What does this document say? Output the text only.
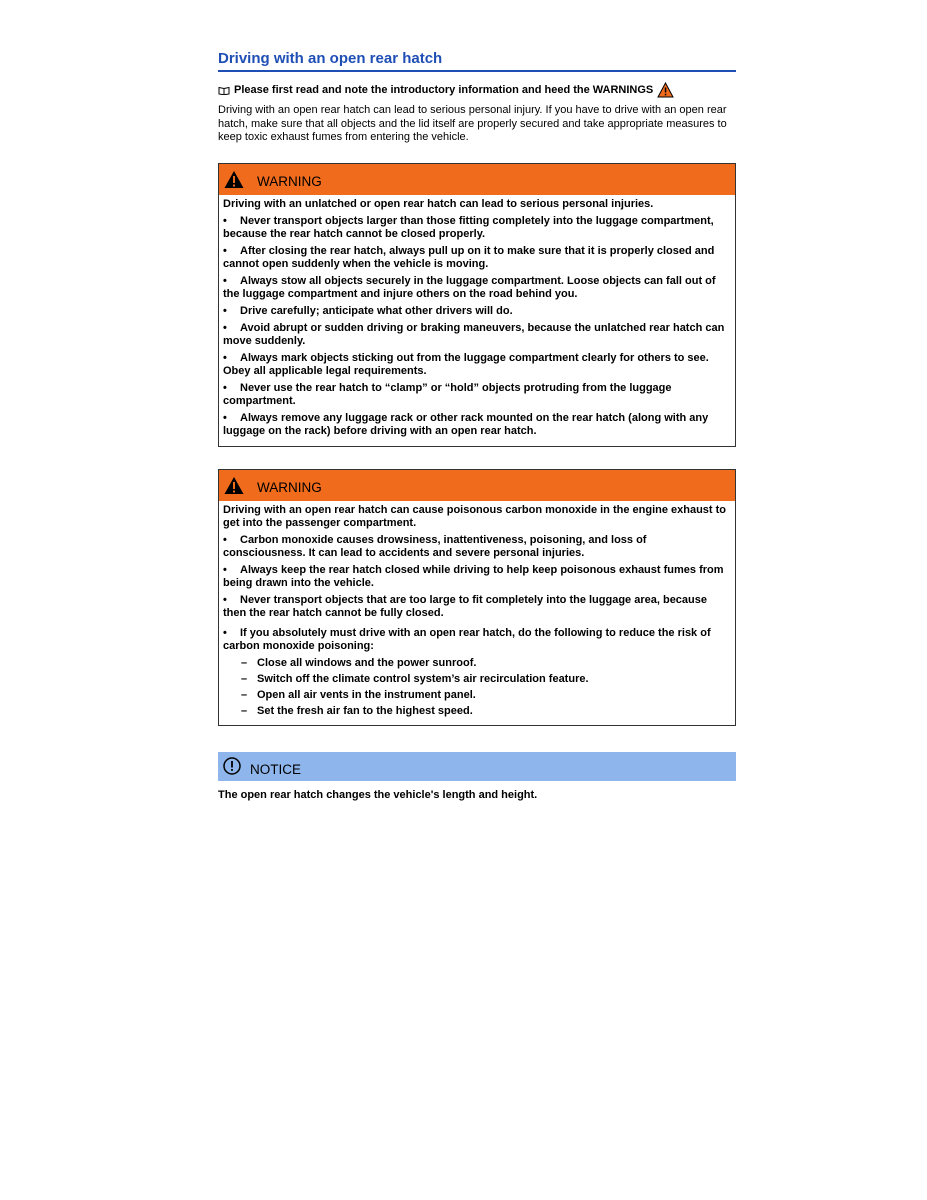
Driving with an open rear hatch
Please first read and note the introductory information and heed the WARNINGS
Driving with an open rear hatch can lead to serious personal injury. If you have to drive with an open rear hatch, make sure that all objects and the lid itself are properly secured and take appropriate measures to keep toxic exhaust fumes from entering the vehicle.
WARNING

Driving with an unlatched or open rear hatch can lead to serious personal injuries.

• Never transport objects larger than those fitting completely into the luggage compartment, because the rear hatch cannot be closed properly.
• After closing the rear hatch, always pull up on it to make sure that it is properly closed and cannot open suddenly when the vehicle is moving.
• Always stow all objects securely in the luggage compartment. Loose objects can fall out of the luggage compartment and injure others on the road behind you.
• Drive carefully; anticipate what other drivers will do.
• Avoid abrupt or sudden driving or braking maneuvers, because the unlatched rear hatch can move suddenly.
• Always mark objects sticking out from the luggage compartment clearly for others to see. Obey all applicable legal requirements.
• Never use the rear hatch to “clamp” or “hold” objects protruding from the luggage compartment.
• Always remove any luggage rack or other rack mounted on the rear hatch (along with any luggage on the rack) before driving with an open rear hatch.
WARNING

Driving with an open rear hatch can cause poisonous carbon monoxide in the engine exhaust to get into the passenger compartment.

• Carbon monoxide causes drowsiness, inattentiveness, poisoning, and loss of consciousness. It can lead to accidents and severe personal injuries.
• Always keep the rear hatch closed while driving to help keep poisonous exhaust fumes from being drawn into the vehicle.
• Never transport objects that are too large to fit completely into the luggage area, because then the rear hatch cannot be fully closed.
• If you absolutely must drive with an open rear hatch, do the following to reduce the risk of carbon monoxide poisoning:
– Close all windows and the power sunroof.
– Switch off the climate control system’s air recirculation feature.
– Open all air vents in the instrument panel.
– Set the fresh air fan to the highest speed.
NOTICE
The open rear hatch changes the vehicle's length and height.
